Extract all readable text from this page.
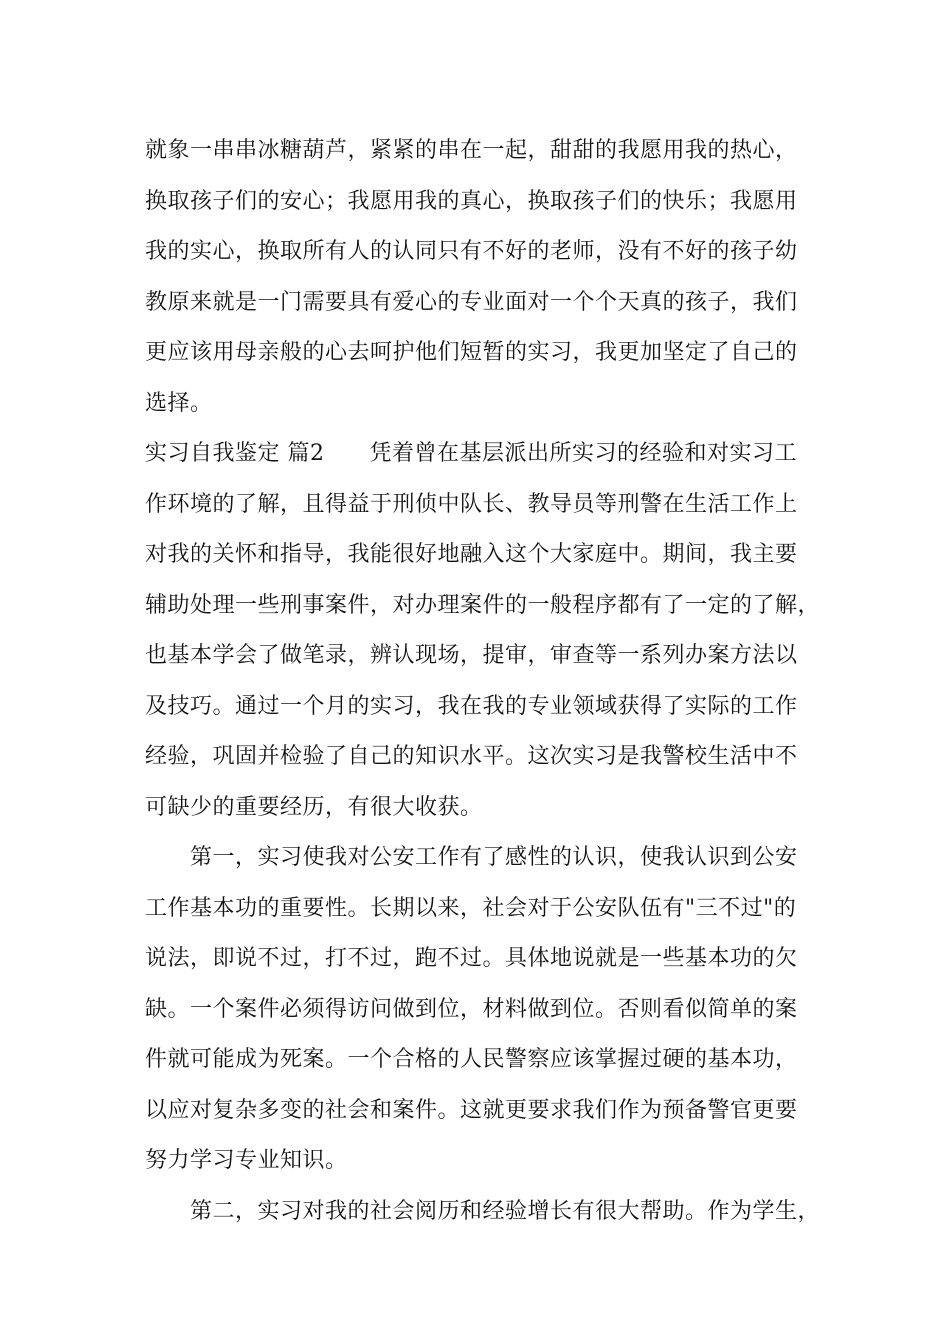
就象一串串冰糖葫芦，紧紧的串在一起，甜甜的我愿用我的热心，
换取孩子们的安心；我愿用我的真心，换取孩子们的快乐；我愿用
我的实心，换取所有人的认同只有不好的老师，没有不好的孩子幼
教原来就是一门需要具有爱心的专业面对一个个天真的孩子，我们
更应该用母亲般的心去呵护他们短暂的实习，我更加坚定了自己的
选择。
实习自我鉴定 篇2　　凭着曾在基层派出所实习的经验和对实习工
作环境的了解，且得益于刑侦中队长、教导员等刑警在生活工作上
对我的关怀和指导，我能很好地融入这个大家庭中。期间，我主要
辅助处理一些刑事案件，对办理案件的一般程序都有了一定的了解，
也基本学会了做笔录，辨认现场，提审，审查等一系列办案方法以
及技巧。通过一个月的实习，我在我的专业领域获得了实际的工作
经验，巩固并检验了自己的知识水平。这次实习是我警校生活中不
可缺少的重要经历，有很大收获。
　　第一，实习使我对公安工作有了感性的认识，使我认识到公安
工作基本功的重要性。长期以来，社会对于公安队伍有"三不过"的
说法，即说不过，打不过，跑不过。具体地说就是一些基本功的欠
缺。一个案件必须得访问做到位，材料做到位。否则看似简单的案
件就可能成为死案。一个合格的人民警察应该掌握过硬的基本功，
以应对复杂多变的社会和案件。这就更要求我们作为预备警官更要
努力学习专业知识。
　　第二，实习对我的社会阅历和经验增长有很大帮助。作为学生，
